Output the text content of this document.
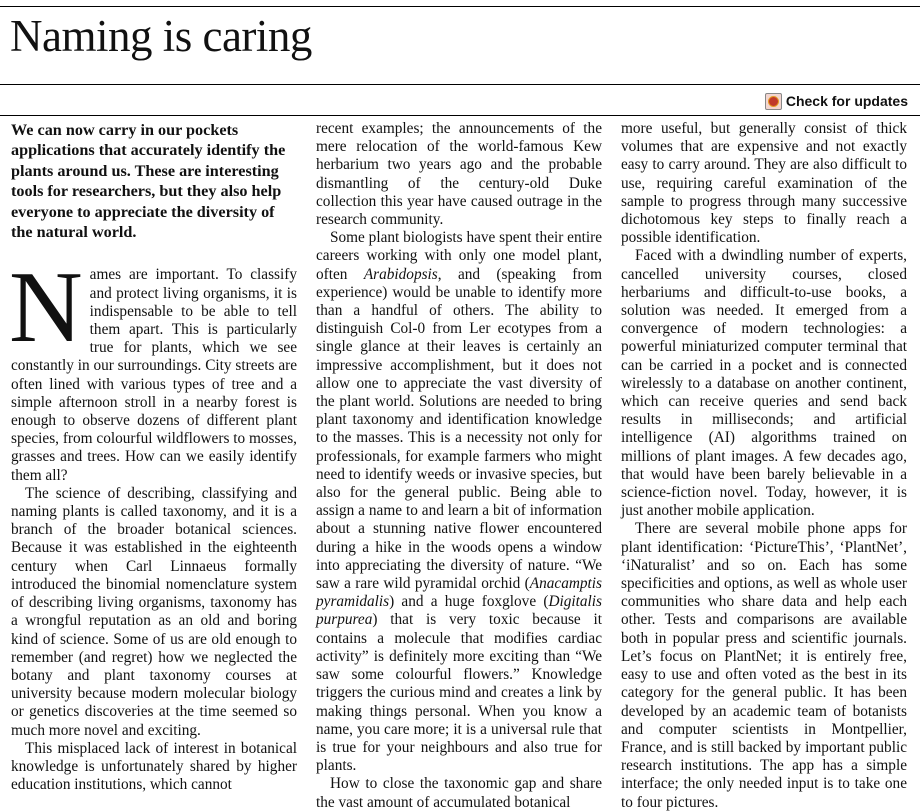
Naming is caring
Check for updates

We can now carry in our pockets applications that accurately identify the plants around us. These are interesting tools for researchers, but they also help everyone to appreciate the diversity of the natural world.

Names are important. To classify and protect living organisms, it is indispensable to be able to tell them apart. This is particularly true for plants, which we see constantly in our surroundings. City streets are often lined with various types of tree and a simple afternoon stroll in a nearby forest is enough to observe dozens of different plant species, from colourful wildflowers to mosses, grasses and trees. How can we easily identify them all?

The science of describing, classifying and naming plants is called taxonomy, and it is a branch of the broader botanical sciences. Because it was established in the eighteenth century when Carl Linnaeus formally introduced the binomial nomenclature system of describing living organisms, taxonomy has a wrongful reputation as an old and boring kind of science. Some of us are old enough to remember (and regret) how we neglected the botany and plant taxonomy courses at university because modern molecular biology or genetics discoveries at the time seemed so much more novel and exciting.

This misplaced lack of interest in botanical knowledge is unfortunately shared by higher education institutions, which cannot

recent examples; the announcements of the mere relocation of the world-famous Kew herbarium two years ago and the probable dismantling of the century-old Duke collection this year have caused outrage in the research community.

Some plant biologists have spent their entire careers working with only one model plant, often Arabidopsis, and (speaking from experience) would be unable to identify more than a handful of others. The ability to distinguish Col-0 from Ler ecotypes from a single glance at their leaves is certainly an impressive accomplishment, but it does not allow one to appreciate the vast diversity of the plant world. Solutions are needed to bring plant taxonomy and identification knowledge to the masses. This is a necessity not only for professionals, for example farmers who might need to identify weeds or invasive species, but also for the general public. Being able to assign a name to and learn a bit of information about a stunning native flower encountered during a hike in the woods opens a window into appreciating the diversity of nature. “We saw a rare wild pyramidal orchid (Anacamptis pyramidalis) and a huge foxglove (Digitalis purpurea) that is very toxic because it contains a molecule that modifies cardiac activity” is definitely more exciting than “We saw some colourful flowers.” Knowledge triggers the curious mind and creates a link by making things personal. When you know a name, you care more; it is a universal rule that is true for your neighbours and also true for plants.

How to close the taxonomic gap and share the vast amount of accumulated botanical

more useful, but generally consist of thick volumes that are expensive and not exactly easy to carry around. They are also difficult to use, requiring careful examination of the sample to progress through many successive dichotomous key steps to finally reach a possible identification.

Faced with a dwindling number of experts, cancelled university courses, closed herbariums and difficult-to-use books, a solution was needed. It emerged from a convergence of modern technologies: a powerful miniaturized computer terminal that can be carried in a pocket and is connected wirelessly to a database on another continent, which can receive queries and send back results in milliseconds; and artificial intelligence (AI) algorithms trained on millions of plant images. A few decades ago, that would have been barely believable in a science-fiction novel. Today, however, it is just another mobile application.

There are several mobile phone apps for plant identification: ‘PictureThis’, ‘PlantNet’, ‘iNaturalist’ and so on. Each has some specificities and options, as well as whole user communities who share data and help each other. Tests and comparisons are available both in popular press and scientific journals. Let’s focus on PlantNet; it is entirely free, easy to use and often voted as the best in its category for the general public. It has been developed by an academic team of botanists and computer scientists in Montpellier, France, and is still backed by important public research institutions. The app has a simple interface; the only needed input is to take one to four pictures.
